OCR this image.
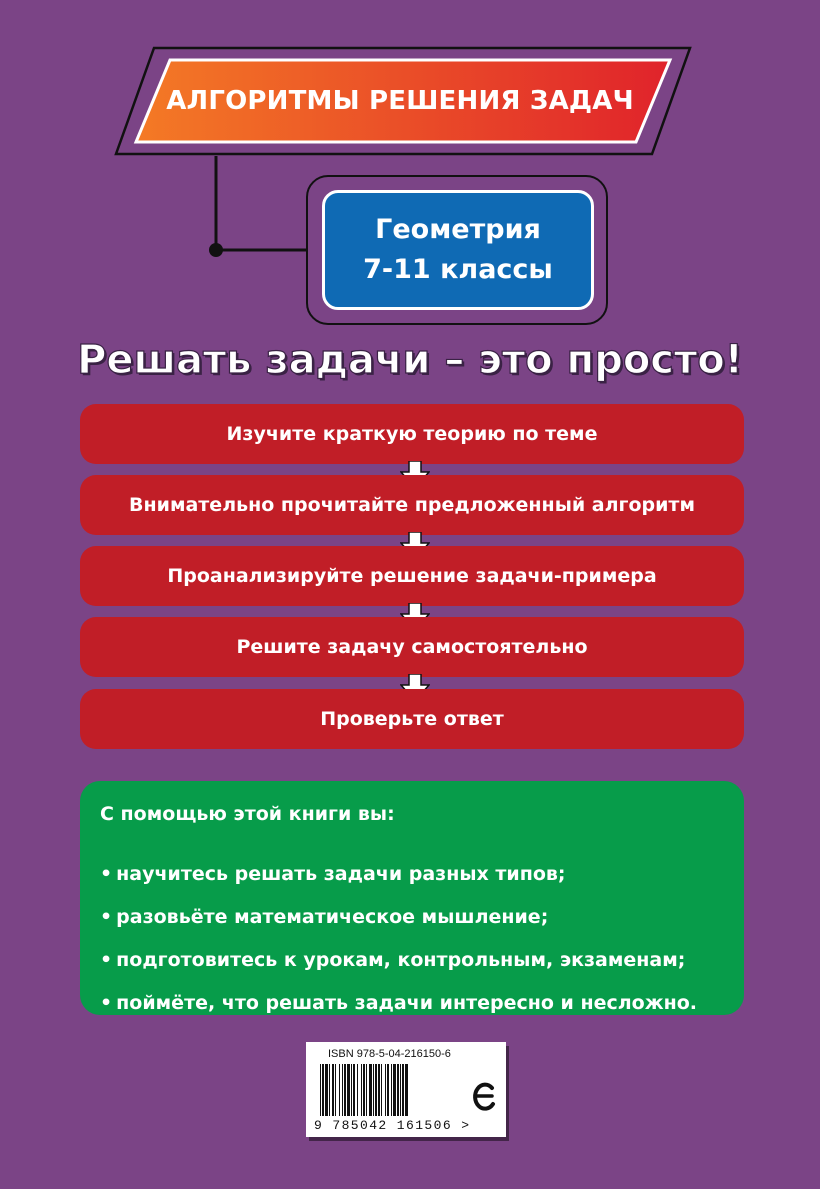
АЛГОРИТМЫ РЕШЕНИЯ ЗАДАЧ
Геометрия
7-11 классы
Решать задачи – это просто!
Изучите краткую теорию по теме
Внимательно прочитайте предложенный алгоритм
Проанализируйте решение задачи-примера
Решите задачу самостоятельно
Проверьте ответ
С помощью этой книги вы:
• научитесь решать задачи разных типов;
• разовьёте математическое мышление;
• подготовитесь к урокам, контрольным, экзаменам;
• поймёте, что решать задачи интересно и несложно.
ISBN 978-5-04-216150-6
9 785042 161506 >
